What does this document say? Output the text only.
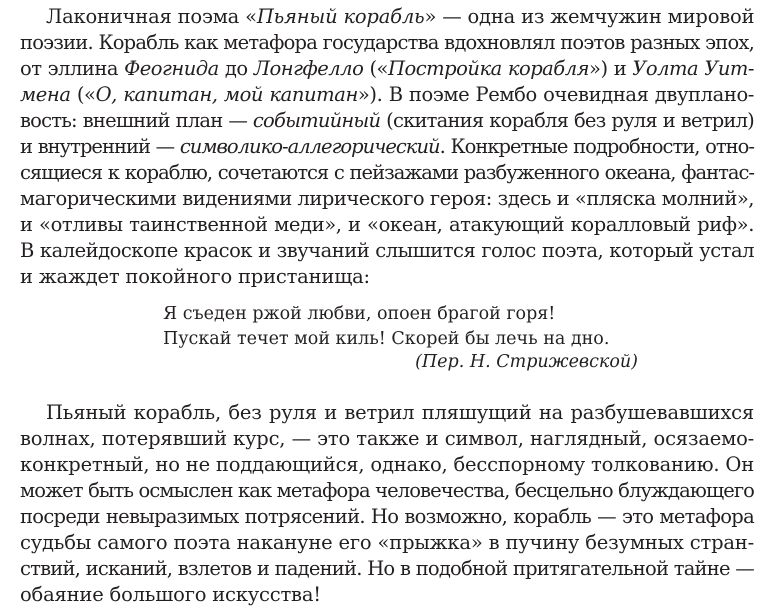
Лаконичная поэма «Пьяный корабль» — одна из жемчужин мировой
поэзии. Корабль как метафора государства вдохновлял поэтов разных эпох,
от эллина Феогнида до Лонгфелло («Постройка корабля») и Уолта Уит-
мена («О, капитан, мой капитан»). В поэме Рембо очевидная двуплано-
вость: внешний план — событийный (скитания корабля без руля и ветрил)
и внутренний — символико-аллегорический. Конкретные подробности, отно-
сящиеся к кораблю, сочетаются с пейзажами разбуженного океана, фантас-
магорическими видениями лирического героя: здесь и «пляска молний»,
и «отливы таинственной меди», и «океан, атакующий коралловый риф».
В калейдоскопе красок и звучаний слышится голос поэта, который устал
и жаждет покойного пристанища:
Я съеден ржой любви, опоен брагой горя!
Пускай течет мой киль! Скорей бы лечь на дно.
(Пер. Н. Стрижевской)
Пьяный корабль, без руля и ветрил пляшущий на разбушевавшихся
волнах, потерявший курс, — это также и символ, наглядный, осязаемо-
конкретный, но не поддающийся, однако, бесспорному толкованию. Он
может быть осмыслен как метафора человечества, бесцельно блуждающего
посреди невыразимых потрясений. Но возможно, корабль — это метафора
судьбы самого поэта накануне его «прыжка» в пучину безумных стран-
ствий, исканий, взлетов и падений. Но в подобной притягательной тайне —
обаяние большого искусства!
